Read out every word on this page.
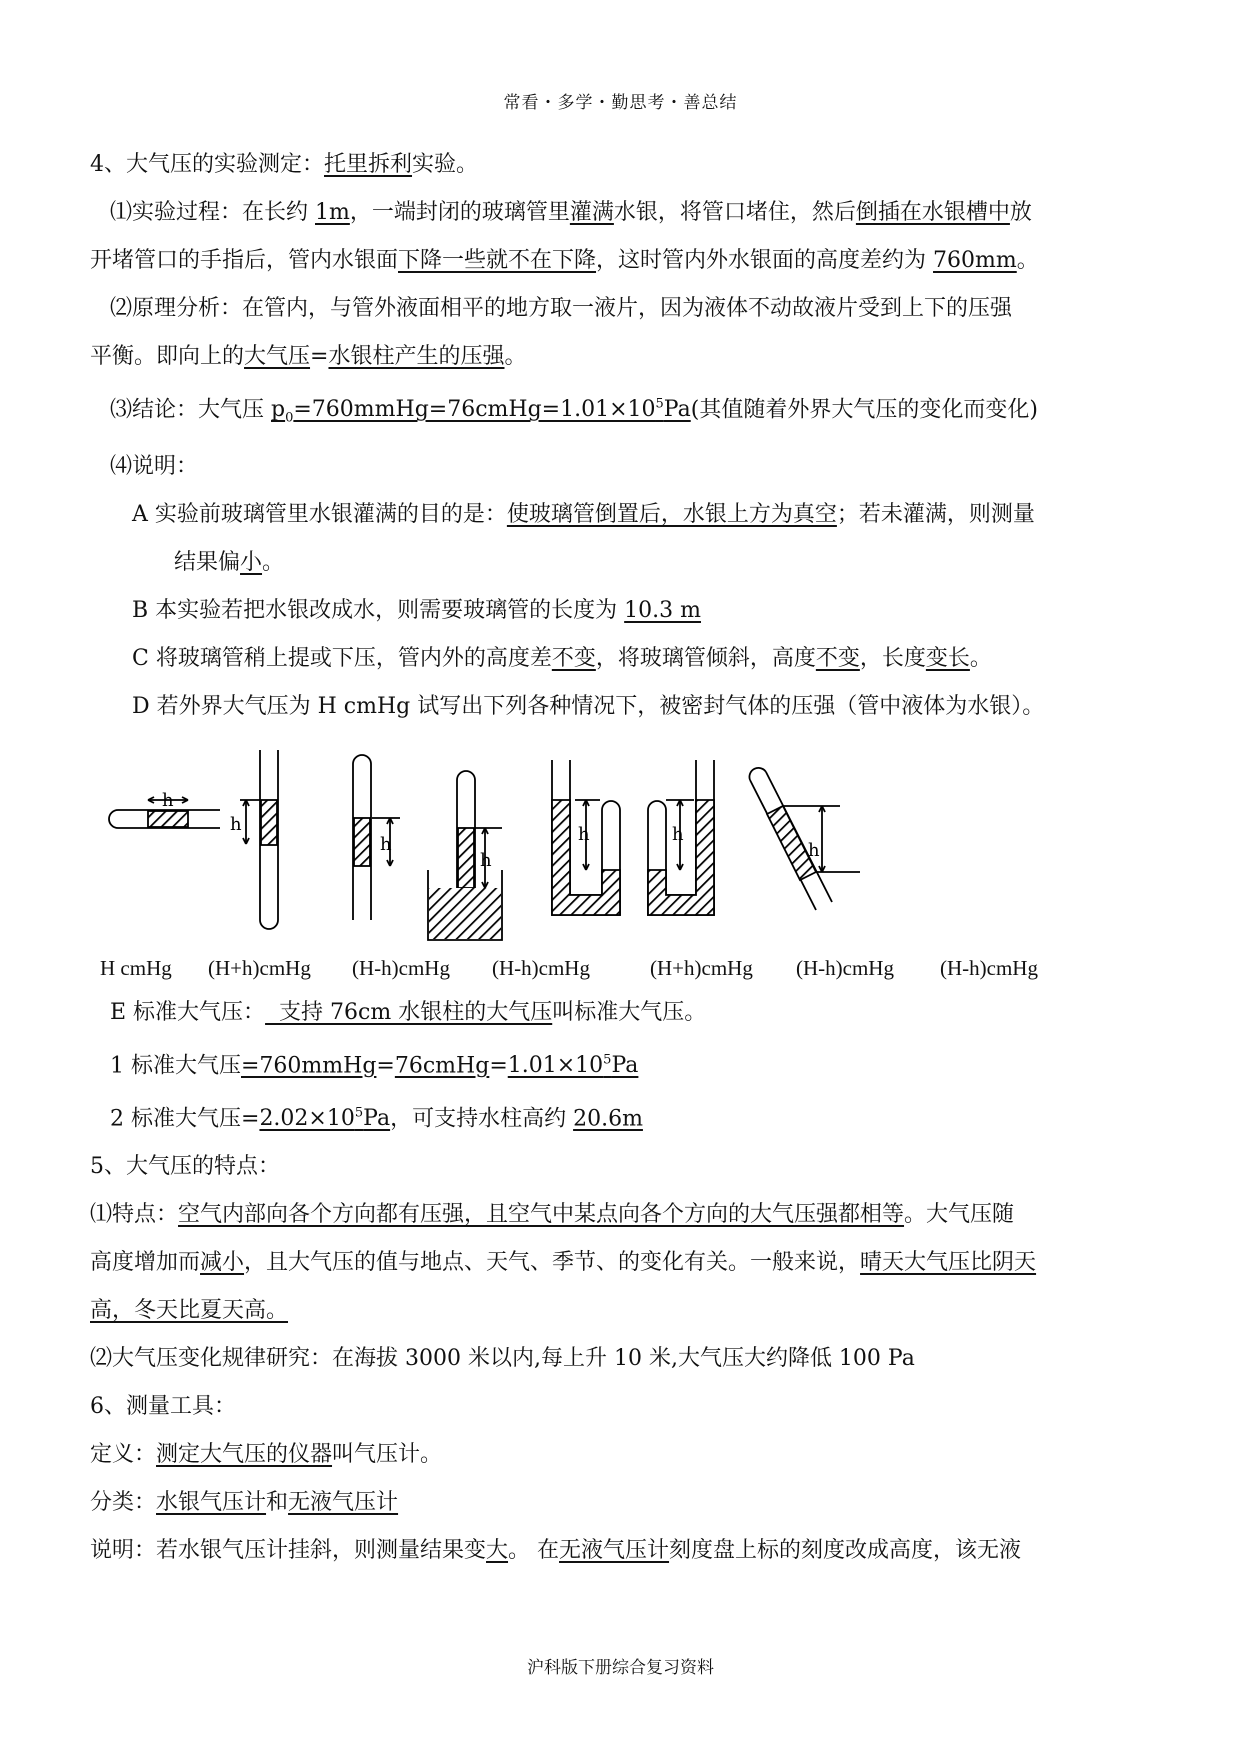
常看・多学・勤思考・善总结
4、大气压的实验测定：托里拆利实验。
⑴实验过程：在长约 1m，一端封闭的玻璃管里灌满水银，将管口堵住，然后倒插在水银槽中放
开堵管口的手指后，管内水银面下降一些就不在下降，这时管内外水银面的高度差约为 760mm。
⑵原理分析：在管内，与管外液面相平的地方取一液片，因为液体不动故液片受到上下的压强
平衡。即向上的大气压=水银柱产生的压强。
⑶结论：大气压 $p_0=760mmHg=76cmHg=1.01\times 10^5Pa$(其值随着外界大气压的变化而变化)
⑷说明：
A 实验前玻璃管里水银灌满的目的是：使玻璃管倒置后，水银上方为真空；若未灌满，则测量
结果偏小。
B 本实验若把水银改成水，则需要玻璃管的长度为 10.3 m
C 将玻璃管稍上提或下压，管内外的高度差不变，将玻璃管倾斜，高度不变，长度变长。
D 若外界大气压为 H cmHg 试写出下列各种情况下，被密封气体的压强（管中液体为水银）。
h
h
h
h
h	h
h
H cmHg (H+h)cmHg (H-h)cmHg (H-h)cmHg	(H+h)cmHg (H-h)cmHg (H-h)cmHg
E 标准大气压：  支持 76cm 水银柱的大气压叫标准大气压。
1 标准大气压$=760mmHg=76cmHg=1.01\times 10^5Pa$
2 标准大气压$=2.02\times 10^5Pa$，可支持水柱高约 20.6m
5、大气压的特点：
⑴特点：空气内部向各个方向都有压强，且空气中某点向各个方向的大气压强都相等。大气压随
高度增加而减小，且大气压的值与地点、天气、季节、的变化有关。一般来说，晴天大气压比阴天
高，冬天比夏天高。
⑵大气压变化规律研究：在海拔 3000 米以内,每上升 10 米,大气压大约降低 100 Pa
6、测量工具：
定义：测定大气压的仪器叫气压计。
分类：水银气压计和无液气压计
说明：若水银气压计挂斜，则测量结果变大。 在无液气压计刻度盘上标的刻度改成高度，该无液
沪科版下册综合复习资料
